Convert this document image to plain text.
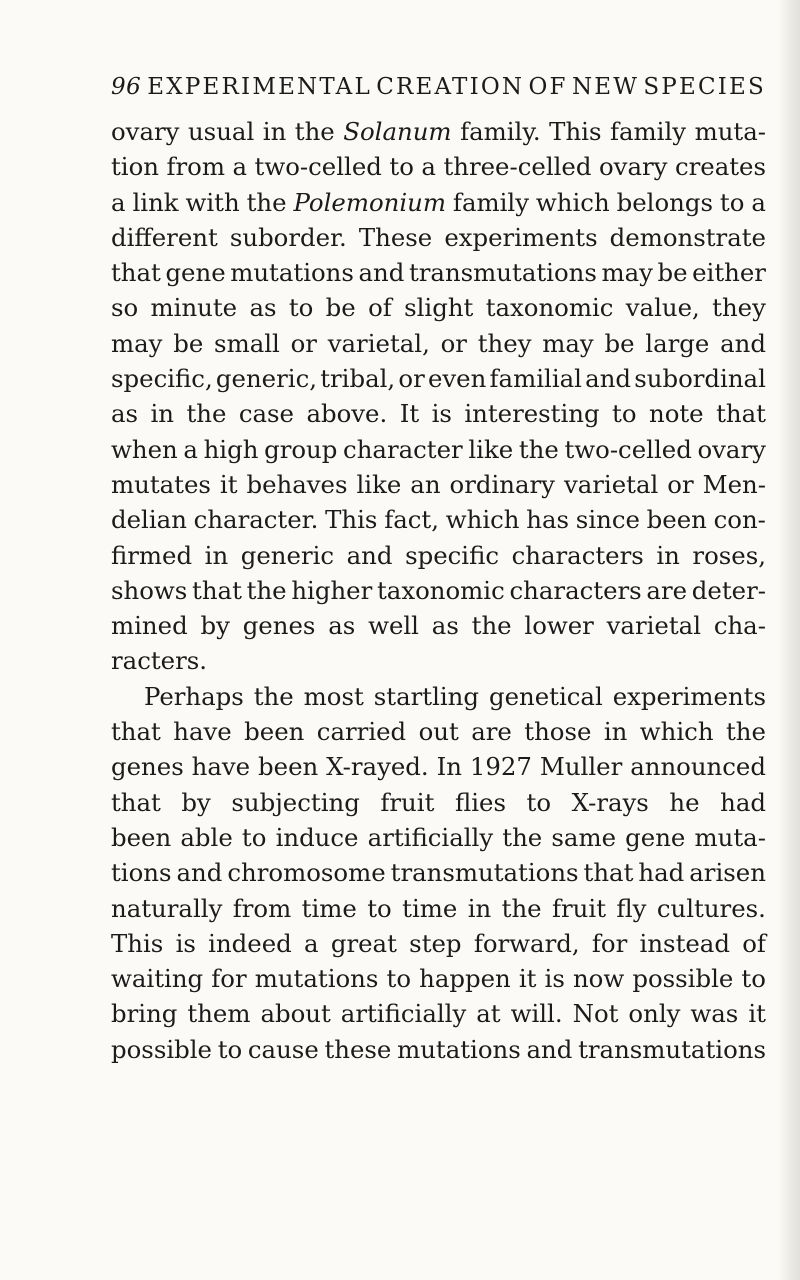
96 EXPERIMENTAL CREATION OF NEW SPECIES
ovary usual in the Solanum family. This family muta-
tion from a two-celled to a three-celled ovary creates
a link with the Polemonium family which belongs to a
different suborder. These experiments demonstrate
that gene mutations and transmutations may be either
so minute as to be of slight taxonomic value, they
may be small or varietal, or they may be large and
specific, generic, tribal, or even familial and subordinal
as in the case above. It is interesting to note that
when a high group character like the two-celled ovary
mutates it behaves like an ordinary varietal or Men-
delian character. This fact, which has since been con-
firmed in generic and specific characters in roses,
shows that the higher taxonomic characters are deter-
mined by genes as well as the lower varietal cha-
racters.
Perhaps the most startling genetical experiments
that have been carried out are those in which the
genes have been X-rayed. In 1927 Muller announced
that by subjecting fruit flies to X-rays he had
been able to induce artificially the same gene muta-
tions and chromosome transmutations that had arisen
naturally from time to time in the fruit fly cultures.
This is indeed a great step forward, for instead of
waiting for mutations to happen it is now possible to
bring them about artificially at will. Not only was it
possible to cause these mutations and transmutations
